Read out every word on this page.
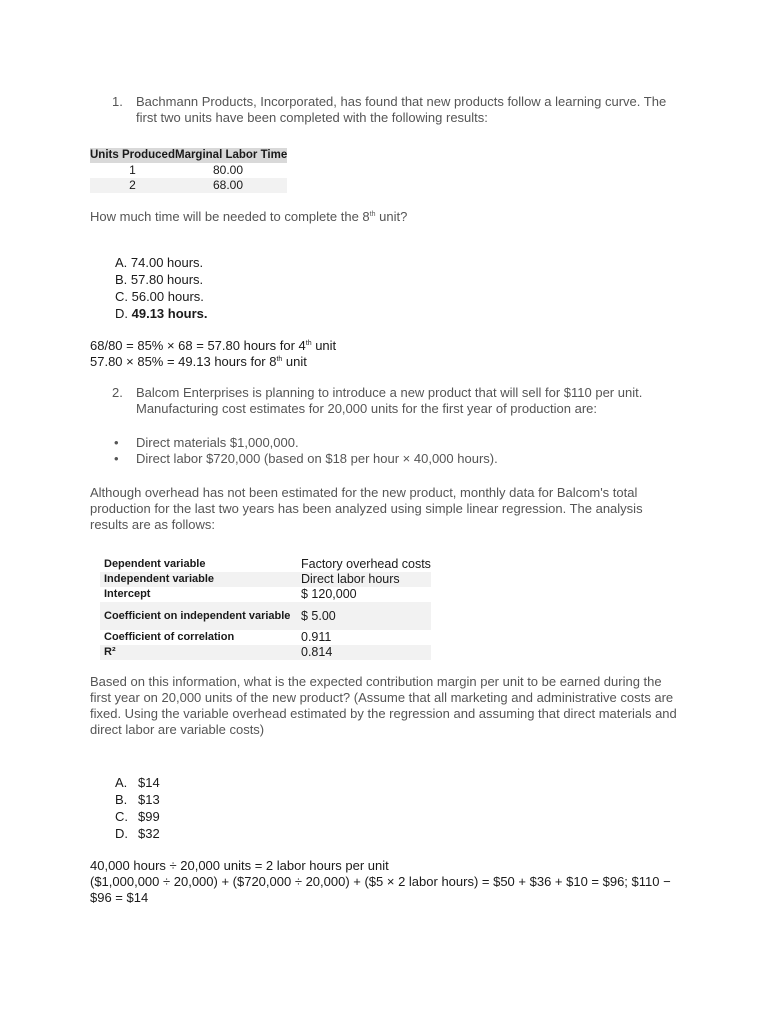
1. Bachmann Products, Incorporated, has found that new products follow a learning curve. The first two units have been completed with the following results:
Units Produced	Marginal Labor Time
1	80.00
2	68.00
How much time will be needed to complete the 8th unit?
A. 74.00 hours.
B. 57.80 hours.
C. 56.00 hours.
D. 49.13 hours.
68/80 = 85% × 68 = 57.80 hours for 4th unit
57.80 × 85% = 49.13 hours for 8th unit
2. Balcom Enterprises is planning to introduce a new product that will sell for $110 per unit. Manufacturing cost estimates for 20,000 units for the first year of production are:
• Direct materials $1,000,000.
• Direct labor $720,000 (based on $18 per hour × 40,000 hours).
Although overhead has not been estimated for the new product, monthly data for Balcom's total production for the last two years has been analyzed using simple linear regression. The analysis results are as follows:
Dependent variable	Factory overhead costs
Independent variable	Direct labor hours
Intercept	$ 120,000
Coefficient on independent variable	$ 5.00
Coefficient of correlation	0.911
R²	0.814
Based on this information, what is the expected contribution margin per unit to be earned during the first year on 20,000 units of the new product? (Assume that all marketing and administrative costs are fixed. Using the variable overhead estimated by the regression and assuming that direct materials and direct labor are variable costs)
A. $14
B. $13
C. $99
D. $32
40,000 hours ÷ 20,000 units = 2 labor hours per unit
($1,000,000 ÷ 20,000) + ($720,000 ÷ 20,000) + ($5 × 2 labor hours) = $50 + $36 + $10 = $96; $110 − $96 = $14
